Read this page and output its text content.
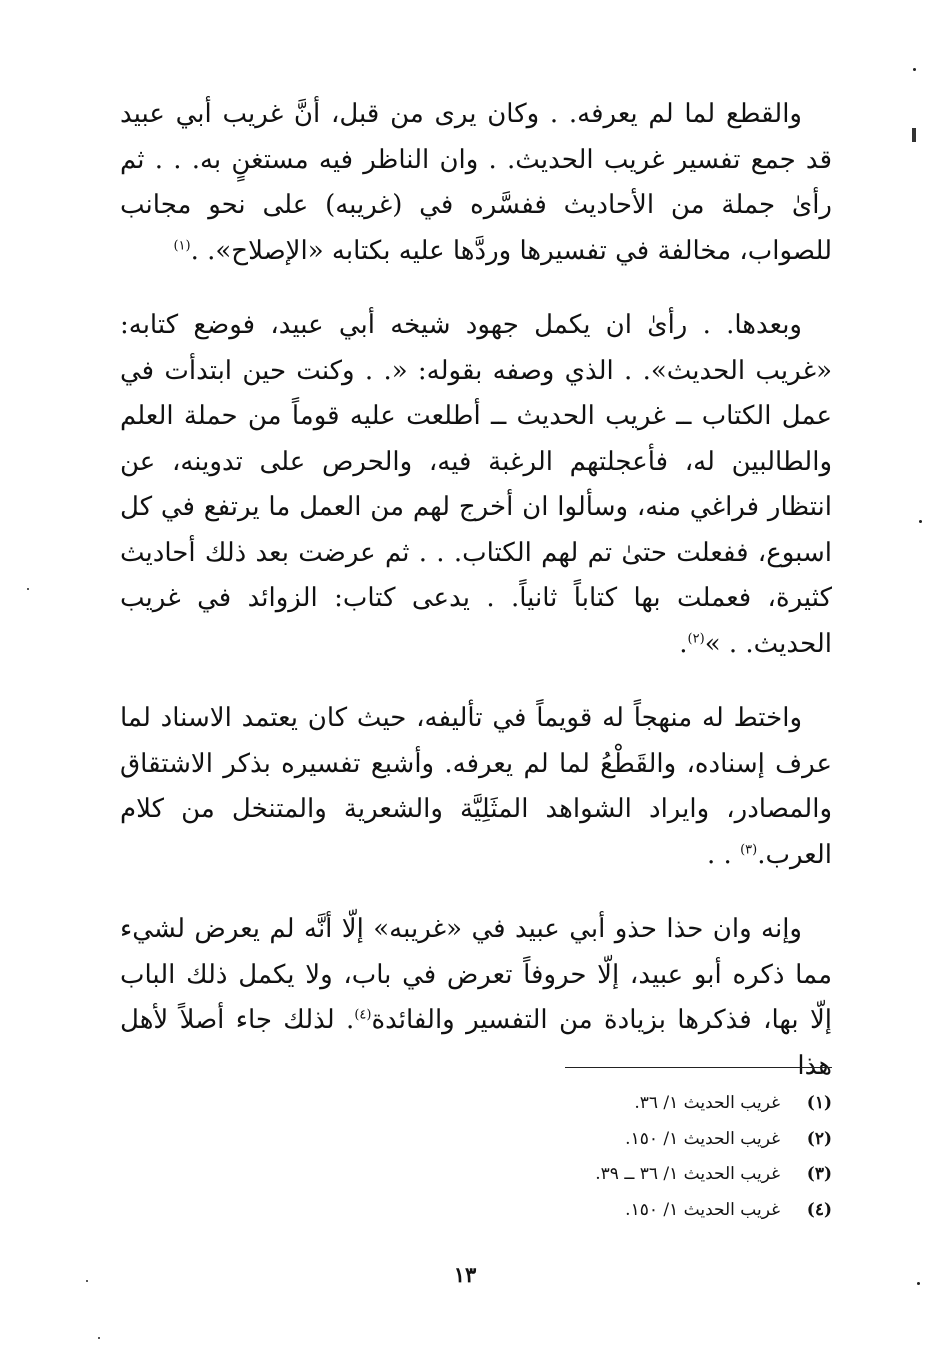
والقطع لما لم يعرفه. . وكان يرى من قبل، أنَّ غريب أبي عبيد قد جمع تفسير غريب الحديث. . وان الناظر فيه مستغنٍ به. . . ثم رأىٰ جملة من الأحاديث ففسَّره في (غريبه) على نحو مجانب للصواب، مخالفة في تفسيرها وردَّها عليه بكتابه «الإصلاح». .$^{(١)}$

وبعدها. . رأىٰ ان يكمل جهود شيخه أبي عبيد، فوضع كتابه: «غريب الحديث». . الذي وصفه بقوله: «. . وكنت حين ابتدأت في عمل الكتاب ــ غريب الحديث ــ أطلعت عليه قوماً من حملة العلم والطالبين له، فأعجلتهم الرغبة فيه، والحرص على تدوينه، عن انتظار فراغي منه، وسألوا ان أخرج لهم من العمل ما يرتفع في كل اسبوع، ففعلت حتىٰ تم لهم الكتاب. . . ثم عرضت بعد ذلك أحاديث كثيرة، فعملت بها كتاباً ثانياً. . يدعى كتاب: الزوائد في غريب الحديث. . »$^{(٢)}$.

واختط له منهجاً له قويماً في تأليفه، حيث كان يعتمد الاسناد لما عرف إسناده، والقَطْعُ لما لم يعرفه. وأشبع تفسيره بذكر الاشتقاق والمصادر، وايراد الشواهد المثَلِيَّة والشعرية والمتنخل من كلام العرب.$^{(٣)}$ . .

وإنه وان حذا حذو أبي عبيد في «غريبه» إلّا أنَّه لم يعرض لشيء مما ذكره أبو عبيد، إلّا حروفاً تعرض في باب، ولا يكمل ذلك الباب إلّا بها، فذكرها بزيادة من التفسير والفائدة$^{(٤)}$. لذلك جاء أصلاً لأهل هذا

(١)
غريب الحديث ١/ ٣٦.
(٢)
غريب الحديث ١/ ١٥٠.
(٣)
غريب الحديث ١/ ٣٦ ــ ٣٩.
(٤)
غريب الحديث ١/ ١٥٠.
١٣
